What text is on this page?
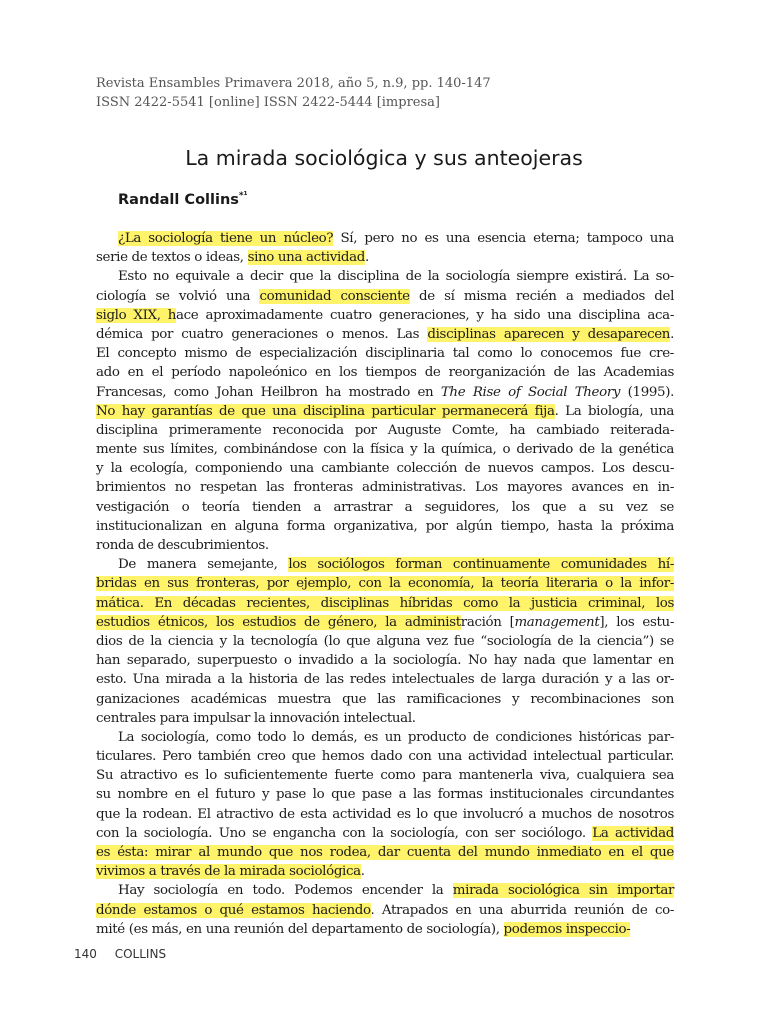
Revista Ensambles Primavera 2018, año 5, n.9, pp. 140-147
ISSN 2422-5541 [online] ISSN 2422-5444 [impresa]
La mirada sociológica y sus anteojeras
Randall Collins$^{*^1}$
¿La sociología tiene un núcleo? Sí, pero no es una esencia eterna; tampoco una
serie de textos o ideas, sino una actividad.
Esto no equivale a decir que la disciplina de la sociología siempre existirá. La so-
ciología se volvió una comunidad consciente de sí misma recién a mediados del
siglo XIX, hace aproximadamente cuatro generaciones, y ha sido una disciplina aca-
démica por cuatro generaciones o menos. Las disciplinas aparecen y desaparecen.
El concepto mismo de especialización disciplinaria tal como lo conocemos fue cre-
ado en el período napoleónico en los tiempos de reorganización de las Academias
Francesas, como Johan Heilbron ha mostrado en The Rise of Social Theory (1995).
No hay garantías de que una disciplina particular permanecerá fija. La biología, una
disciplina primeramente reconocida por Auguste Comte, ha cambiado reiterada-
mente sus límites, combinándose con la física y la química, o derivado de la genética
y la ecología, componiendo una cambiante colección de nuevos campos. Los descu-
brimientos no respetan las fronteras administrativas. Los mayores avances en in-
vestigación o teoría tienden a arrastrar a seguidores, los que a su vez se
institucionalizan en alguna forma organizativa, por algún tiempo, hasta la próxima
ronda de descubrimientos.
De manera semejante, los sociólogos forman continuamente comunidades hí-
bridas en sus fronteras, por ejemplo, con la economía, la teoría literaria o la infor-
mática. En décadas recientes, disciplinas híbridas como la justicia criminal, los
estudios étnicos, los estudios de género, la administración [management], los estu-
dios de la ciencia y la tecnología (lo que alguna vez fue “sociología de la ciencia”) se
han separado, superpuesto o invadido a la sociología. No hay nada que lamentar en
esto. Una mirada a la historia de las redes intelectuales de larga duración y a las or-
ganizaciones académicas muestra que las ramificaciones y recombinaciones son
centrales para impulsar la innovación intelectual.
La sociología, como todo lo demás, es un producto de condiciones históricas par-
ticulares. Pero también creo que hemos dado con una actividad intelectual particular.
Su atractivo es lo suficientemente fuerte como para mantenerla viva, cualquiera sea
su nombre en el futuro y pase lo que pase a las formas institucionales circundantes
que la rodean. El atractivo de esta actividad es lo que involucró a muchos de nosotros
con la sociología. Uno se engancha con la sociología, con ser sociólogo. La actividad
es ésta: mirar al mundo que nos rodea, dar cuenta del mundo inmediato en el que
vivimos a través de la mirada sociológica.
Hay sociología en todo. Podemos encender la mirada sociológica sin importar
dónde estamos o qué estamos haciendo. Atrapados en una aburrida reunión de co-
mité (es más, en una reunión del departamento de sociología), podemos inspeccio-
140 COLLINS
